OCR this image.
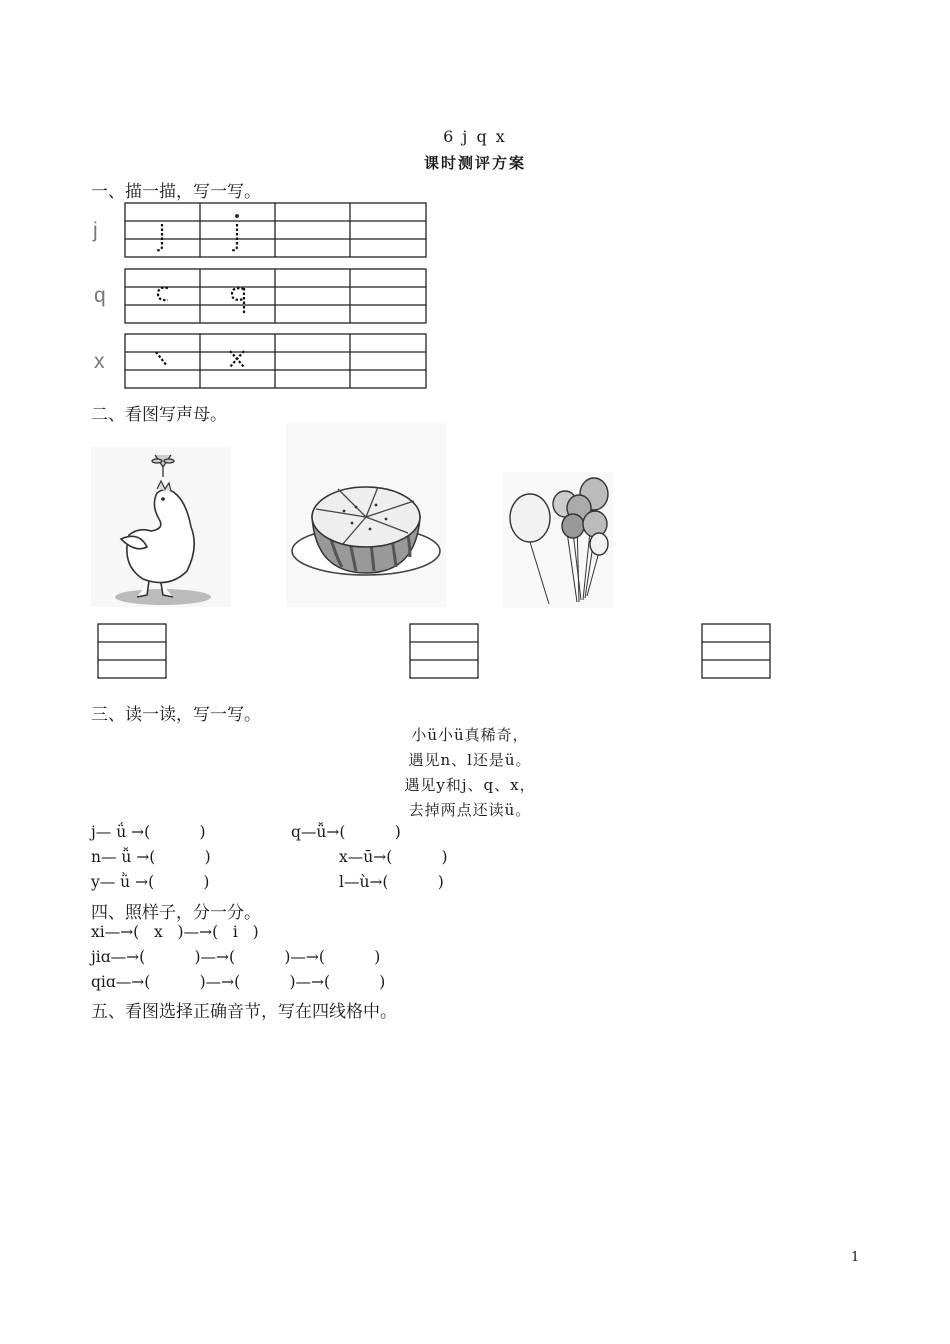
6 j q x
课时测评方案
一、描一描，写一写。
j
q
x
二、看图写声母。
三、读一读，写一写。
小ü小ü真稀奇，
遇见n、l还是ü。
遇见y和j、q、x，
去掉两点还读ü。
j— ǘ →(          )	q—ǚ→(          )
n— ǚ →(          )	x—ū→(          )
y— ǜ →(          )	l—ù→(          )
四、照样子，分一分。
xi—→(   x   )—→(   i   )
jiɑ—→(          )—→(          )—→(          )
qiɑ—→(          )—→(          )—→(          )
五、看图选择正确音节，写在四线格中。
1
